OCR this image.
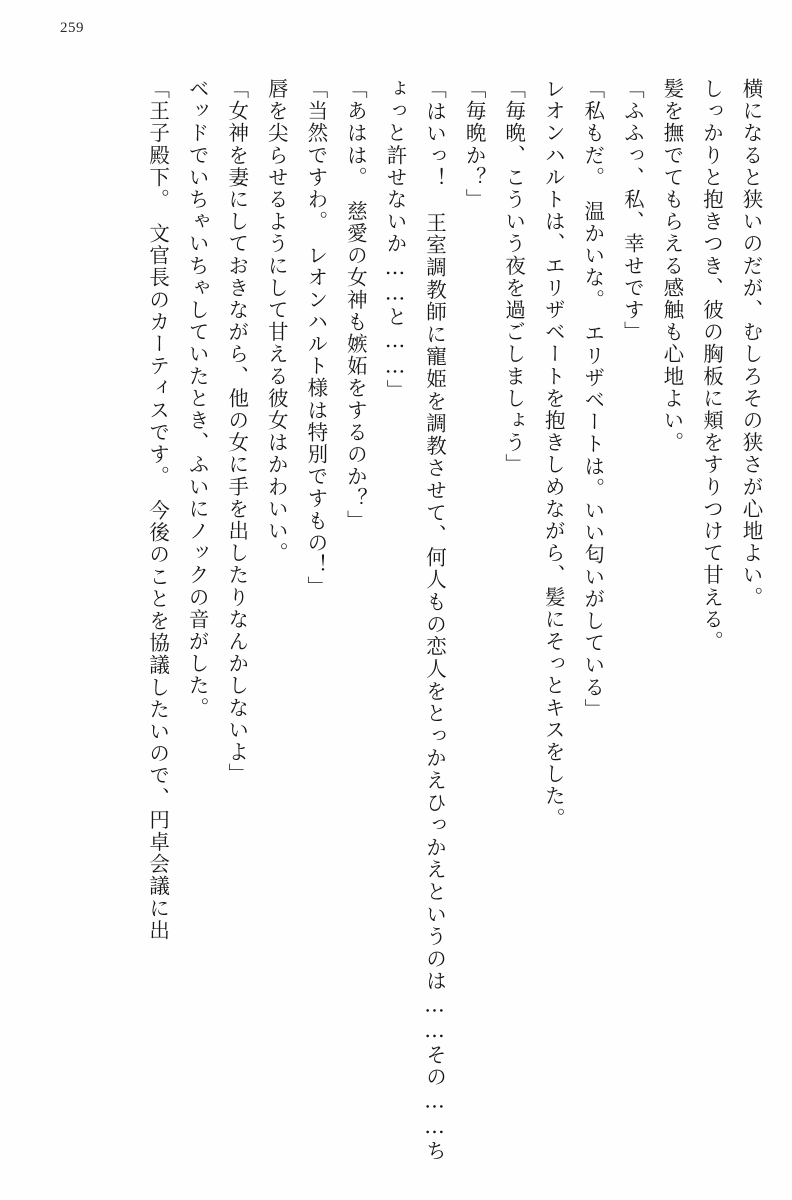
259
横になると狭いのだが、むしろその狭さが心地よい。
しっかりと抱きつき、彼の胸板に頬をすりつけて甘える。
髪を撫でてもらえる感触も心地よい。
「ふふっ、私、幸せです」
「私もだ。　温かいな。　エリザベートは。いい匂いがしている」
レオンハルトは、エリザベートを抱きしめながら、髪にそっとキスをした。
「毎晩、こういう夜を過ごしましょう」
「毎晩か？」
「はいっ！　王室調教師に寵姫を調教させて、何人もの恋人をとっかえひっかえというのは……その……ちょっと許せないか……と……」
「あはは。　慈愛の女神も嫉妬をするのか？」
「当然ですわ。　レオンハルト様は特別ですもの！」
唇を尖らせるようにして甘える彼女はかわいい。
「女神を妻にしておきながら、他の女に手を出したりなんかしないよ」
ベッドでいちゃいちゃしていたとき、ふいにノックの音がした。
「王子殿下。　文官長のカーティスです。　今後のことを協議したいので、円卓会議に出
